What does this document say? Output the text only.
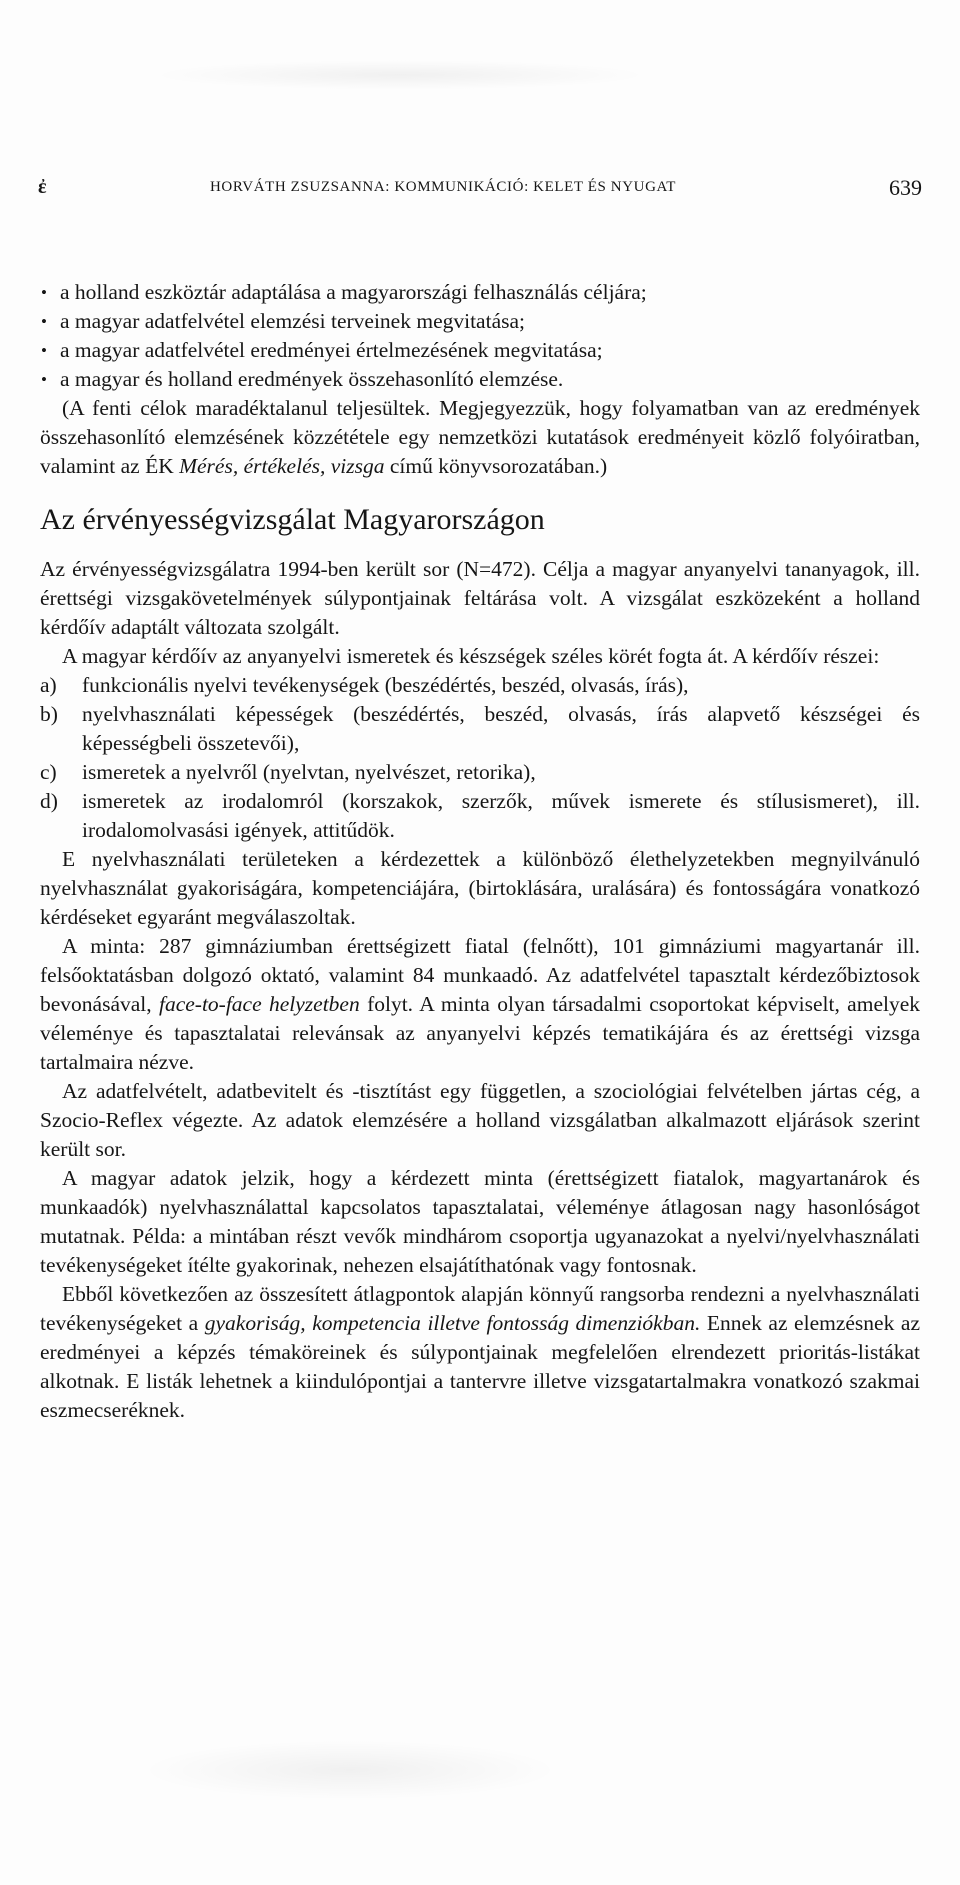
ἐ	HORVÁTH ZSUZSANNA: KOMMUNIKÁCIÓ: KELET ÉS NYUGAT	639
• a holland eszköztár adaptálása a magyarországi felhasználás céljára;
• a magyar adatfelvétel elemzési terveinek megvitatása;
• a magyar adatfelvétel eredményei értelmezésének megvitatása;
• a magyar és holland eredmények összehasonlító elemzése.

(A fenti célok maradéktalanul teljesültek. Megjegyezzük, hogy folyamatban van az eredmények összehasonlító elemzésének közzététele egy nemzetközi kutatások eredményeit közlő folyóiratban, valamint az ÉK Mérés, értékelés, vizsga című könyvsorozatában.)

Az érvényességvizsgálat Magyarországon

Az érvényességvizsgálatra 1994-ben került sor (N=472). Célja a magyar anyanyelvi tananyagok, ill. érettségi vizsgakövetelmények súlypontjainak feltárása volt. A vizsgálat eszközeként a holland kérdőív adaptált változata szolgált.

A magyar kérdőív az anyanyelvi ismeretek és készségek széles körét fogta át. A kérdőív részei:

a) funkcionális nyelvi tevékenységek (beszédértés, beszéd, olvasás, írás),
b) nyelvhasználati képességek (beszédértés, beszéd, olvasás, írás alapvető készségei és képességbeli összetevői),
c) ismeretek a nyelvről (nyelvtan, nyelvészet, retorika),
d) ismeretek az irodalomról (korszakok, szerzők, művek ismerete és stílusismeret), ill. irodalomolvasási igények, attitűdök.

E nyelvhasználati területeken a kérdezettek a különböző élethelyzetekben megnyilvánuló nyelvhasználat gyakoriságára, kompetenciájára, (birtoklására, uralására) és fontosságára vonatkozó kérdéseket egyaránt megválaszoltak.

A minta: 287 gimnáziumban érettségizett fiatal (felnőtt), 101 gimnáziumi magyartanár ill. felsőoktatásban dolgozó oktató, valamint 84 munkaadó. Az adatfelvétel tapasztalt kérdezőbiztosok bevonásával, face-to-face helyzetben folyt. A minta olyan társadalmi csoportokat képviselt, amelyek véleménye és tapasztalatai relevánsak az anyanyelvi képzés tematikájára és az érettségi vizsga tartalmaira nézve.

Az adatfelvételt, adatbevitelt és -tisztítást egy független, a szociológiai felvételben jártas cég, a Szocio-Reflex végezte. Az adatok elemzésére a holland vizsgálatban alkalmazott eljárások szerint került sor.

A magyar adatok jelzik, hogy a kérdezett minta (érettségizett fiatalok, magyartanárok és munkaadók) nyelvhasználattal kapcsolatos tapasztalatai, véleménye átlagosan nagy hasonlóságot mutatnak. Példa: a mintában részt vevők mindhárom csoportja ugyanazokat a nyelvi/nyelvhasználati tevékenységeket ítélte gyakorinak, nehezen elsajátíthatónak vagy fontosnak.

Ebből következően az összesített átlagpontok alapján könnyű rangsorba rendezni a nyelvhasználati tevékenységeket a gyakoriság, kompetencia illetve fontosság dimenziókban. Ennek az elemzésnek az eredményei a képzés témaköreinek és súlypontjainak megfelelően elrendezett prioritás-listákat alkotnak. E listák lehetnek a kiindulópontjai a tantervre illetve vizsgatartalmakra vonatkozó szakmai eszmecseréknek.
